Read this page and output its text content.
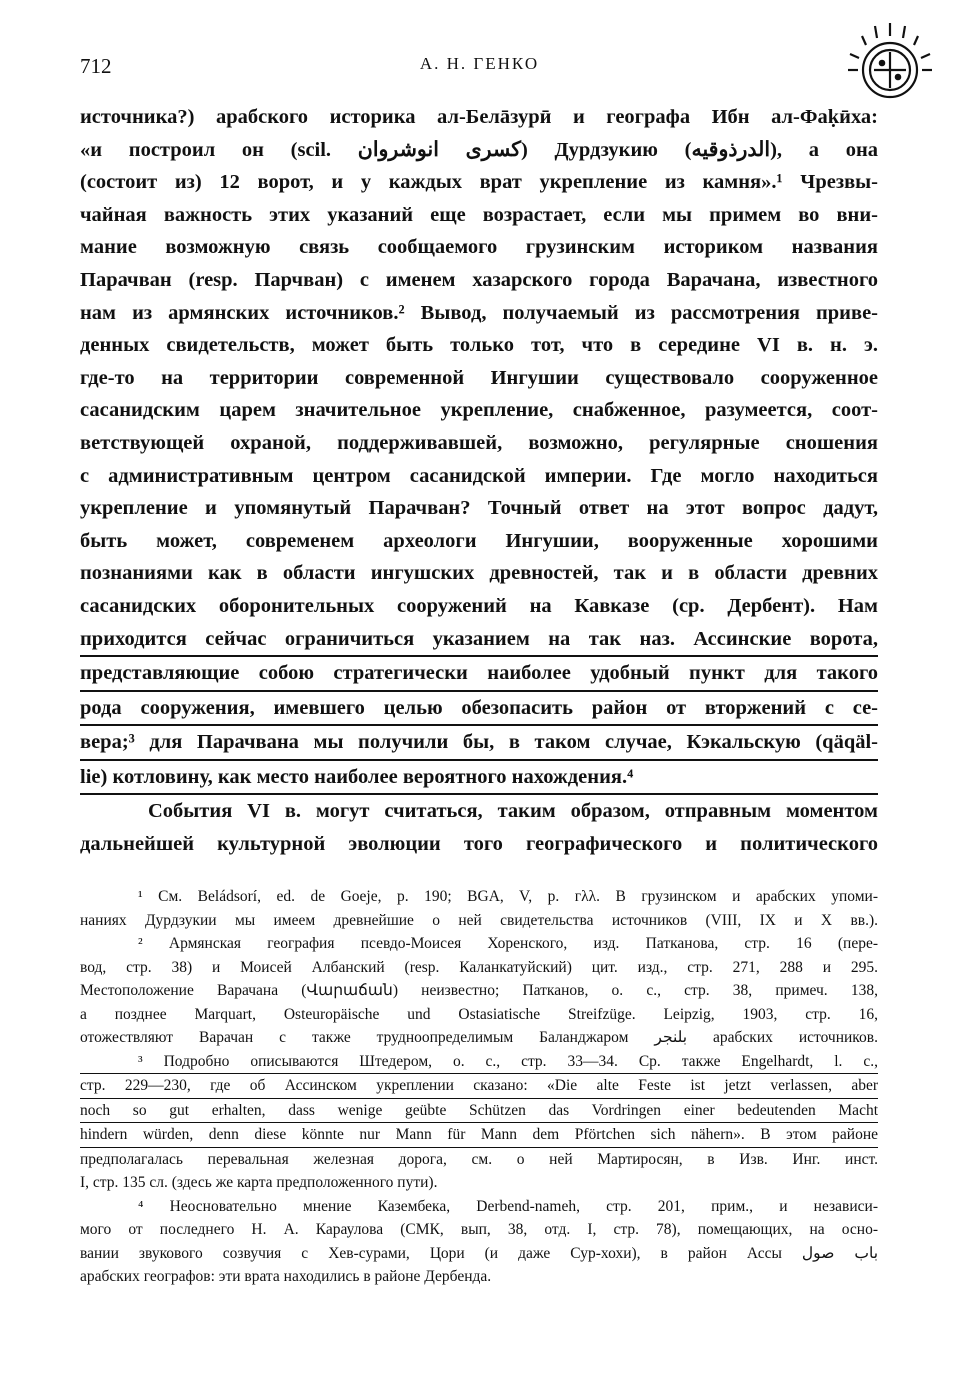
712	А. Н. ГЕНКО
источника?) арабского историка ал-Белāзурӣ и географа Ибн ал-Фаḳӣха:
«и построил он (scil. كسرى انوشروان) Дурдзукию (الدرذوقيه), а она
(состоит из) 12 ворот, и у каждых врат укрепление из камня».¹ Чрезвы-
чайная важность этих указаний еще возрастает, если мы примем во вни-
мание возможную связь сообщаемого грузинским историком названия
Парачван (resp. Парчван) с именем хазарского города Варачана, известного
нам из армянских источников.² Вывод, получаемый из рассмотрения приве-
денных свидетельств, может быть только тот, что в середине VI в. н. э.
где-то на территории современной Ингушии существовало сооруженное
сасанидским царем значительное укрепление, снабженное, разумеется, соот-
ветствующей охраной, поддерживавшей, возможно, регулярные сношения
с административным центром сасанидской империи. Где могло находиться
укрепление и упомянутый Парачван? Точный ответ на этот вопрос дадут,
быть может, современем археологи Ингушии, вооруженные хорошими
познаниями как в области ингушских древностей, так и в области древних
сасанидских оборонительных сооружений на Кавказе (ср. Дербент). Нам
приходится сейчас ограничиться указанием на так наз. Ассинские ворота,
представляющие собою стратегически наиболее удобный пункт для такого
рода сооружения, имевшего целью обезопасить район от вторжений с се-
вера;³ для Парачвана мы получили бы, в таком случае, Кэкальскую (qäqäl-
lie) котловину, как место наиболее вероятного нахождения.⁴
События VI в. могут считаться, таким образом, отправным моментом
дальнейшей культурной эволюции того географического и политического
¹ См. Beládsorí, ed. de Goeje, p. 190; BGA, V, p. гλλ. В грузинском и арабских упоми-
наниях Дурдзукии мы имеем древнейшие о ней свидетельства источников (VIII, IX и X вв.).
² Армянская география псевдо-Моисея Хоренского, изд. Патканова, стр. 16 (перe-
вод, стр. 38) и Моисей Албанский (resp. Каланкатуйский) цит. изд., стр. 271, 288 и 295.
Местоположение Варачана (Վարաճան) неизвестно; Патканов, о. с., стр. 38, примеч. 138,
а позднее Marquart, Osteuropäische und Ostasiatische Streifzüge. Leipzig, 1903, стр. 16,
отожествляют Варачан с также трудноопределимым Баланджаром بلنجر арабских источников.
³ Подробно описываются Штедером, о. с., стр. 33—34. Ср. также Engelhardt, l. c.,
стр. 229—230, где об Ассинском укреплении сказано: «Die alte Feste ist jetzt verlassen, aber
noch so gut erhalten, dass wenige geübte Schützen das Vordringen einer bedeutenden Macht
hindern würden, denn diese könnte nur Mann für Mann dem Pförtchen sich nähern». В этом районе
предполагалась перевальная железная дорога, см. о ней Мартиросян, в Изв. Инг. инст.
I, стр. 135 сл. (здесь же карта предположенного пути).
⁴ Неосновательно мнение Казембека, Derbend-nameh, стр. 201, прим., и независи-
мого от последнего Н. А. Караулова (СМК, вып, 38, отд. I, стр. 78), помещающих, на осно-
вании звукового созвучия с Хев-сурами, Цори (и даже Сур-хохи), в район Ассы باب صول
арабских географов: эти врата находились в районе Дербенда.
